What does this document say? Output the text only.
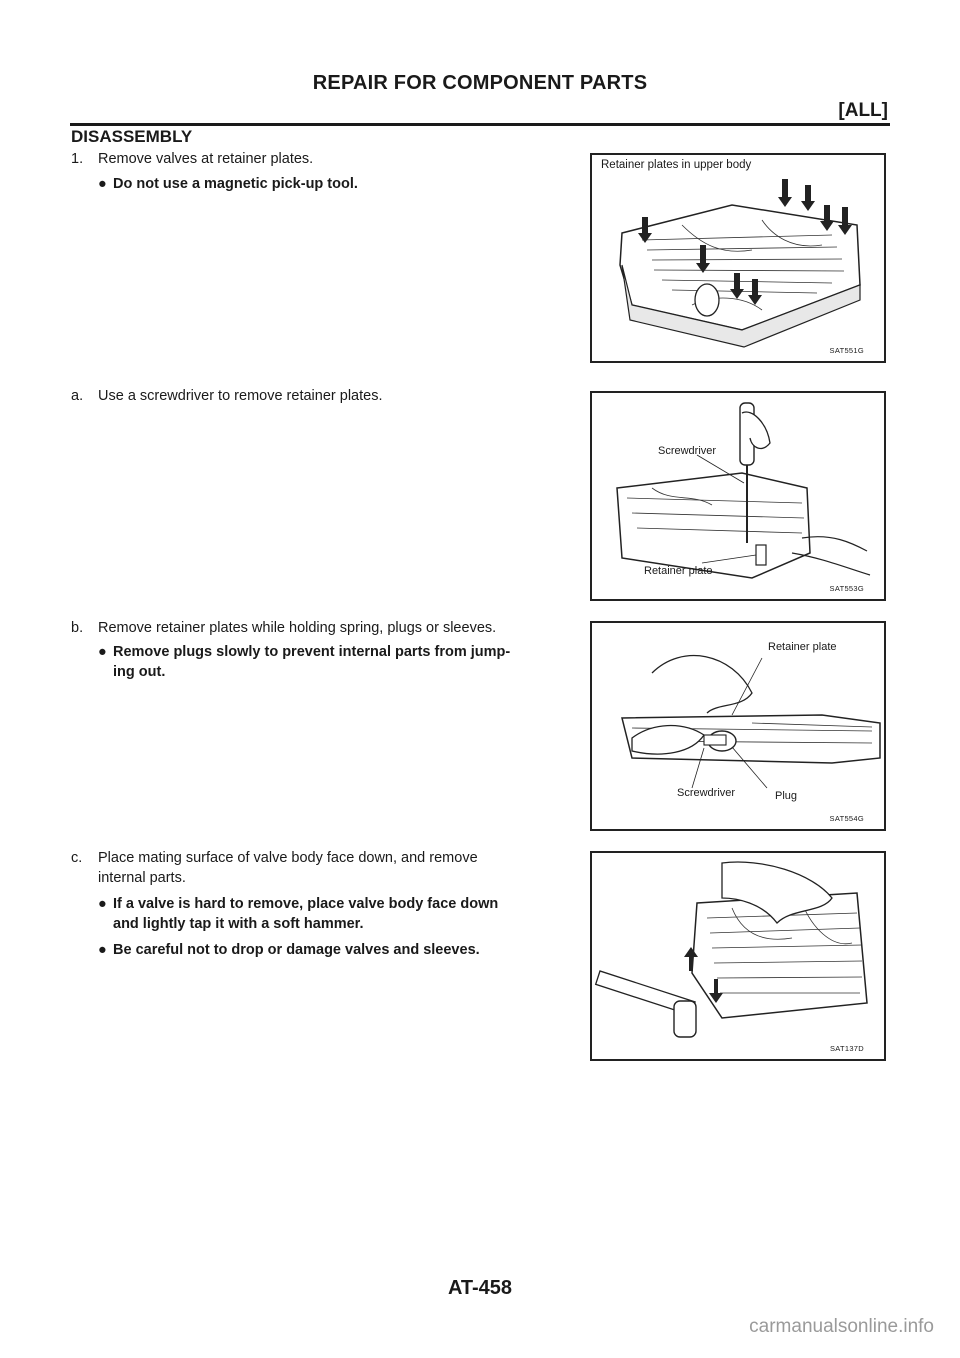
REPAIR FOR COMPONENT PARTS
[ALL]
DISASSEMBLY
1. Remove valves at retainer plates.
● Do not use a magnetic pick-up tool.
a. Use a screwdriver to remove retainer plates.
b. Remove retainer plates while holding spring, plugs or sleeves.
● Remove plugs slowly to prevent internal parts from jump-
ing out.
c. Place mating surface of valve body face down, and remove
internal parts.
● If a valve is hard to remove, place valve body face down
and lightly tap it with a soft hammer.
● Be careful not to drop or damage valves and sleeves.
Retainer plates in upper body
SAT551G
Screwdriver
Retainer plate
SAT553G
Retainer plate
Screwdriver	Plug
SAT554G
SAT137D
AT-458
carmanualsonline.info
